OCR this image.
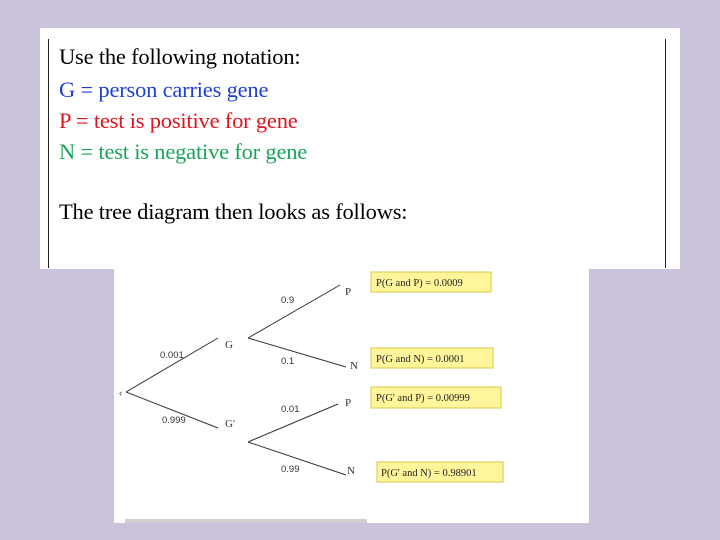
Use the following notation:
G = person carries gene
P = test is positive for gene
N = test is negative for gene
The tree diagram then looks as follows:
‹
0.001
0.999
G
G'
0.9
0.1
0.01
0.99
P
N
P
N
P(G and P) = 0.0009
P(G and N) = 0.0001
P(G' and P) = 0.00999
P(G' and N) = 0.98901
